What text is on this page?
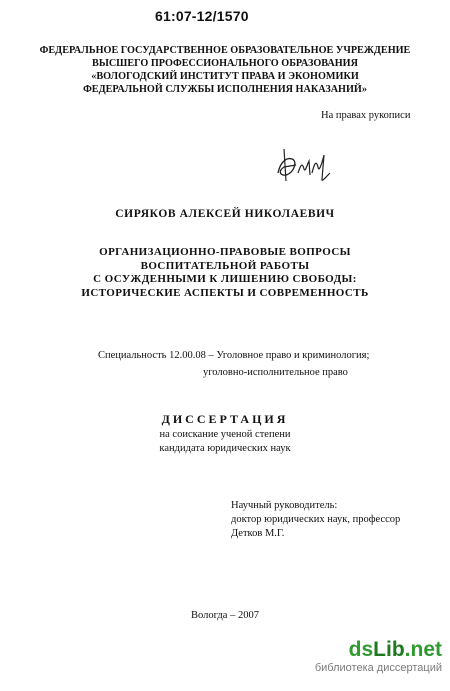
61:07-12/1570
ФЕДЕРАЛЬНОЕ ГОСУДАРСТВЕННОЕ ОБРАЗОВАТЕЛЬНОЕ УЧРЕЖДЕНИЕ
ВЫСШЕГО ПРОФЕССИОНАЛЬНОГО ОБРАЗОВАНИЯ
«ВОЛОГОДСКИЙ ИНСТИТУТ ПРАВА И ЭКОНОМИКИ
ФЕДЕРАЛЬНОЙ СЛУЖБЫ ИСПОЛНЕНИЯ НАКАЗАНИЙ»
На правах рукописи
СИРЯКОВ АЛЕКСЕЙ НИКОЛАЕВИЧ
ОРГАНИЗАЦИОННО-ПРАВОВЫЕ ВОПРОСЫ
ВОСПИТАТЕЛЬНОЙ РАБОТЫ
С ОСУЖДЕННЫМИ К ЛИШЕНИЮ СВОБОДЫ:
ИСТОРИЧЕСКИЕ АСПЕКТЫ И СОВРЕМЕННОСТЬ
Специальность 12.00.08 – Уголовное право и криминология;
уголовно-исполнительное право
ДИССЕРТАЦИЯ
на соискание ученой степени
кандидата юридических наук
Научный руководитель:
доктор юридических наук, профессор
Детков М.Г.
Вологда – 2007
dsLib.net
библиотека диссертаций
